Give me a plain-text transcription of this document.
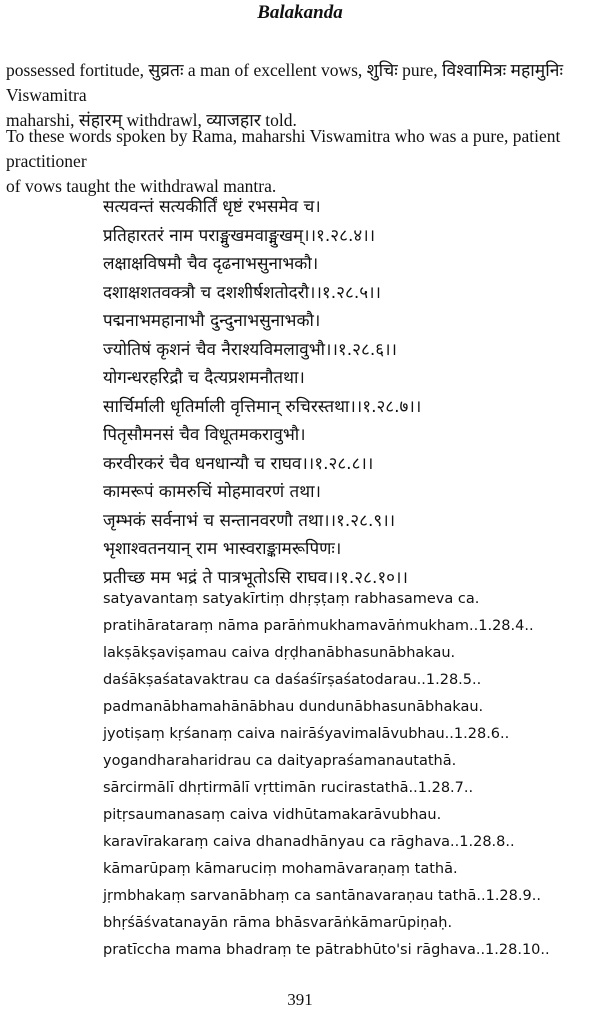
Balakanda

possessed fortitude, सुव्रतः a man of excellent vows, शुचिः pure, विश्वामित्रः महामुनिः Viswamitra
maharshi, संहारम् withdrawl, व्याजहार told.

To these words spoken by Rama, maharshi Viswamitra who was a pure, patient practitioner
of vows taught the withdrawal mantra.

सत्यवन्तं सत्यकीर्तिं धृष्टं रभसमेव च।
प्रतिहारतरं नाम पराङ्मुखमवाङ्मुखम्।।१.२८.४।।
लक्षाक्षविषमौ चैव दृढनाभसुनाभकौ।
दशाक्षशतवक्त्रौ च दशशीर्षशतोदरौ।।१.२८.५।।
पद्मनाभमहानाभौ दुन्दुनाभसुनाभकौ।
ज्योतिषं कृशनं चैव नैराश्यविमलावुभौ।।१.२८.६।।
योगन्धरहरिद्रौ च दैत्यप्रशमनौतथा।
सार्चिर्माली धृतिर्माली वृत्तिमान् रुचिरस्तथा।।१.२८.७।।
पितृसौमनसं चैव विधूतमकरावुभौ।
करवीरकरं चैव धनधान्यौ च राघव।।१.२८.८।।
कामरूपं कामरुचिं मोहमावरणं तथा।
जृम्भकं सर्वनाभं च सन्तानवरणौ तथा।।१.२८.९।।
भृशाश्वतनयान् राम भास्वराङ्कामरूपिणः।
प्रतीच्छ मम भद्रं ते पात्रभूतोऽसि राघव।।१.२८.१०।।
satyavantaṃ satyakīrtiṃ dhṛṣṭaṃ rabhasameva ca.
pratihārataraṃ nāma parāṅmukhamavāṅmukham..1.28.4..
lakṣākṣaviṣamau caiva dṛḍhanābhasunābhakau.
daśākṣaśatavaktrau ca daśaśīrṣaśatodarau..1.28.5..
padmanābhamahānābhau dundunābhasunābhakau.
jyotiṣaṃ kṛśanaṃ caiva nairāśyavimalāvubhau..1.28.6..
yogandharaharidrau ca daityapraśamanautathā.
sārcirmālī dhṛtirmālī vṛttimān rucirastathā..1.28.7..
pitṛsaumanasaṃ caiva vidhūtamakarāvubhau.
karavīrakaraṃ caiva dhanadhānyau ca rāghava..1.28.8..
kāmarūpaṃ kāmaruciṃ mohamāvaraṇaṃ tathā.
jṛmbhakaṃ sarvanābhaṃ ca santānavaraṇau tathā..1.28.9..
bhṛśāśvatanayān rāma bhāsvarāṅkāmarūpiṇaḥ.
pratīccha mama bhadraṃ te pātrabhūto'si rāghava..1.28.10..
391
